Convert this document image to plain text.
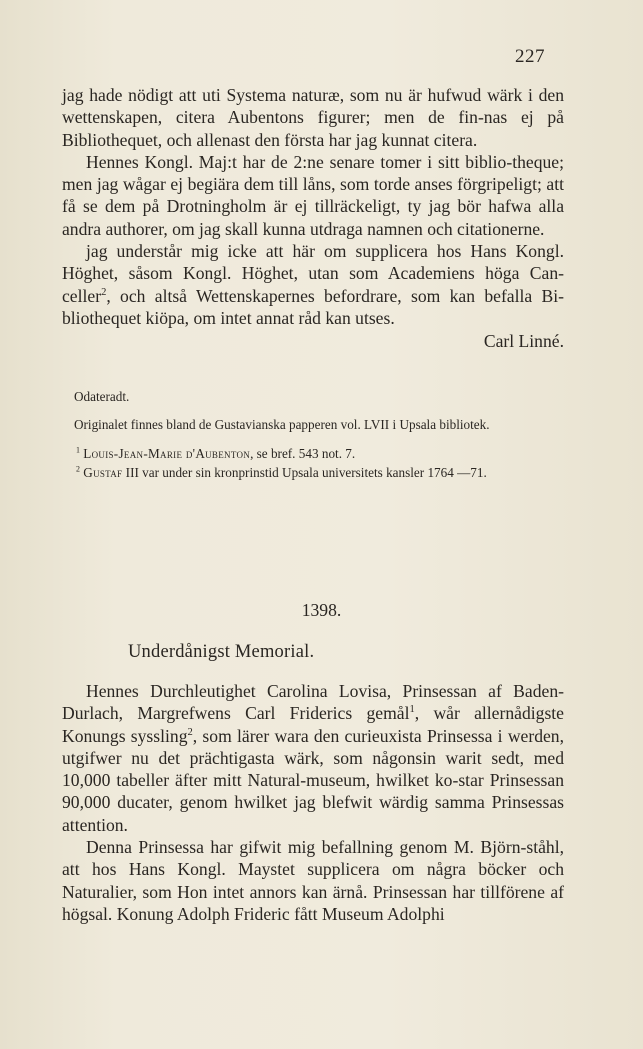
227

jag hade nödigt att uti Systema naturæ, som nu är hufwud wärk i den wettenskapen, citera Aubentons figurer; men de fin-nas ej på Bibliothequet, och allenast den första har jag kunnat citera.

Hennes Kongl. Maj:t har de 2:ne senare tomer i sitt biblio-theque; men jag wågar ej begiära dem till låns, som torde anses förgripeligt; att få se dem på Drotningholm är ej tillräckeligt, ty jag bör hafwa alla andra authorer, om jag skall kunna utdraga namnen och citationerne.

jag understår mig icke att här om supplicera hos Hans Kongl. Höghet, såsom Kongl. Höghet, utan som Academiens höga Can-celler$^2$, och altså Wettenskapernes befordrare, som kan befalla Bi-bliothequet kiöpa, om intet annat råd kan utses.

Carl Linné.

Odateradt.

Originalet finnes bland de Gustavianska papperen vol. LVII i Upsala bibliotek.

$^1$ Louis-Jean-Marie d'Aubenton, se bref. 543 not. 7.

$^2$ Gustaf III var under sin kronprinstid Upsala universitets kansler 1764 —71.

1398.
Underdånigst Memorial.

Hennes Durchleutighet Carolina Lovisa, Prinsessan af Baden-Durlach, Margrefwens Carl Friderics gemål$^1$, wår allernådigste Konungs syssling$^2$, som lärer wara den curieuxista Prinsessa i werden, utgifwer nu det prächtigasta wärk, som någonsin warit sedt, med 10,000 tabeller äfter mitt Natural-museum, hwilket ko-star Prinsessan 90,000 ducater, genom hwilket jag blefwit wärdig samma Prinsessas attention.

Denna Prinsessa har gifwit mig befallning genom M. Björn-ståhl, att hos Hans Kongl. Maystet supplicera om några böcker och Naturalier, som Hon intet annors kan ärnå. Prinsessan har tillförene af högsal. Konung Adolph Frideric fått Museum Adolphi
